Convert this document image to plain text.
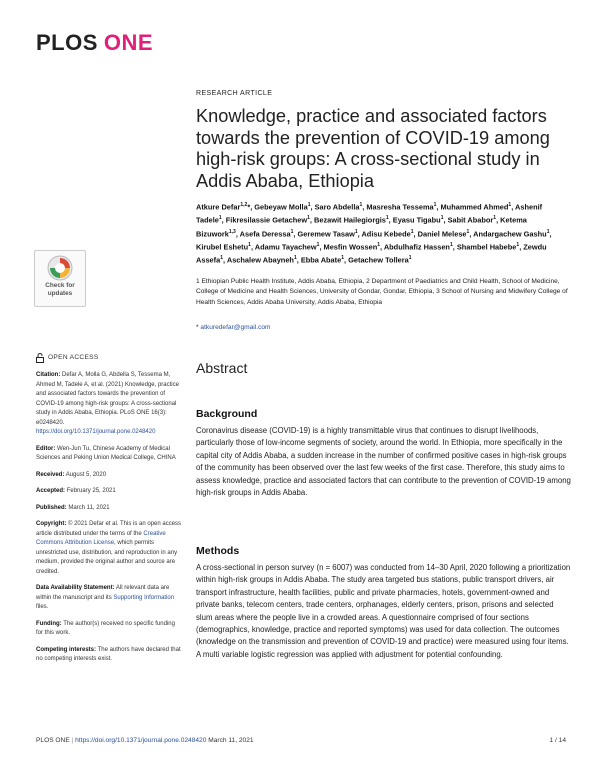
PLOS ONE
RESEARCH ARTICLE
Knowledge, practice and associated factors towards the prevention of COVID-19 among high-risk groups: A cross-sectional study in Addis Ababa, Ethiopia
Atkure Defar$^{1,2}$*, Gebeyaw Molla$^1$, Saro Abdella$^1$, Masresha Tessema$^1$, Muhammed Ahmed$^1$, Ashenif Tadele$^1$, Fikresilassie Getachew$^1$, Bezawit Hailegiorgis$^1$, Eyasu Tigabu$^1$, Sabit Ababor$^1$, Ketema Bizuwork$^{1,3}$, Asefa Deressa$^1$, Geremew Tasaw$^1$, Adisu Kebede$^1$, Daniel Melese$^1$, Andargachew Gashu$^1$, Kirubel Eshetu$^1$, Adamu Tayachew$^1$, Mesfin Wossen$^1$, Abdulhafiz Hassen$^1$, Shambel Habebe$^1$, Zewdu Assefa$^1$, Aschalew Abayneh$^1$, Ebba Abate$^1$, Getachew Tollera$^1$
1 Ethiopian Public Health Institute, Addis Ababa, Ethiopia, 2 Department of Paediatrics and Child Health, School of Medicine, College of Medicine and Health Sciences, University of Gondar, Gondar, Ethiopia, 3 School of Nursing and Midwifery College of Health Sciences, Addis Ababa University, Addis Ababa, Ethiopia
* atkuredefar@gmail.com
Check for
updates
OPEN ACCESS

Citation: Defar A, Molla G, Abdella S, Tessema M, Ahmed M, Tadele A, et al. (2021) Knowledge, practice and associated factors towards the prevention of COVID-19 among high-risk groups: A cross-sectional study in Addis Ababa, Ethiopia. PLoS ONE 16(3): e0248420. https://doi.org/10.1371/journal.pone.0248420

Editor: Wen-Jun Tu, Chinese Academy of Medical Sciences and Peking Union Medical College, CHINA

Received: August 5, 2020

Accepted: February 25, 2021

Published: March 11, 2021

Copyright: © 2021 Defar et al. This is an open access article distributed under the terms of the Creative Commons Attribution License, which permits unrestricted use, distribution, and reproduction in any medium, provided the original author and source are credited.

Data Availability Statement: All relevant data are within the manuscript and its Supporting Information files.

Funding: The author(s) received no specific funding for this work.

Competing interests: The authors have declared that no competing interests exist.

Abstract
Background

Coronavirus disease (COVID-19) is a highly transmittable virus that continues to disrupt livelihoods, particularly those of low-income segments of society, around the world. In Ethiopia, more specifically in the capital city of Addis Ababa, a sudden increase in the number of confirmed positive cases in high-risk groups of the community has been observed over the last few weeks of the first case. Therefore, this study aims to assess knowledge, practice and associated factors that can contribute to the prevention of COVID-19 among high-risk groups in Addis Ababa.

Methods

A cross-sectional in person survey (n = 6007) was conducted from 14–30 April, 2020 following a prioritization within high-risk groups in Addis Ababa. The study area targeted bus stations, public transport drivers, air transport infrastructure, health facilities, public and private pharmacies, hotels, government-owned and private banks, telecom centers, trade centers, orphanages, elderly centers, prison, prisons and selected slum areas where the people live in a crowded areas. A questionnaire comprised of four sections (demographics, knowledge, practice and reported symptoms) was used for data collection. The outcomes (knowledge on the transmission and prevention of COVID-19 and practice) were measured using four items. A multi variable logistic regression was applied with adjustment for potential confounding.

PLOS ONE | https://doi.org/10.1371/journal.pone.0248420 March 11, 2021	1 / 14
